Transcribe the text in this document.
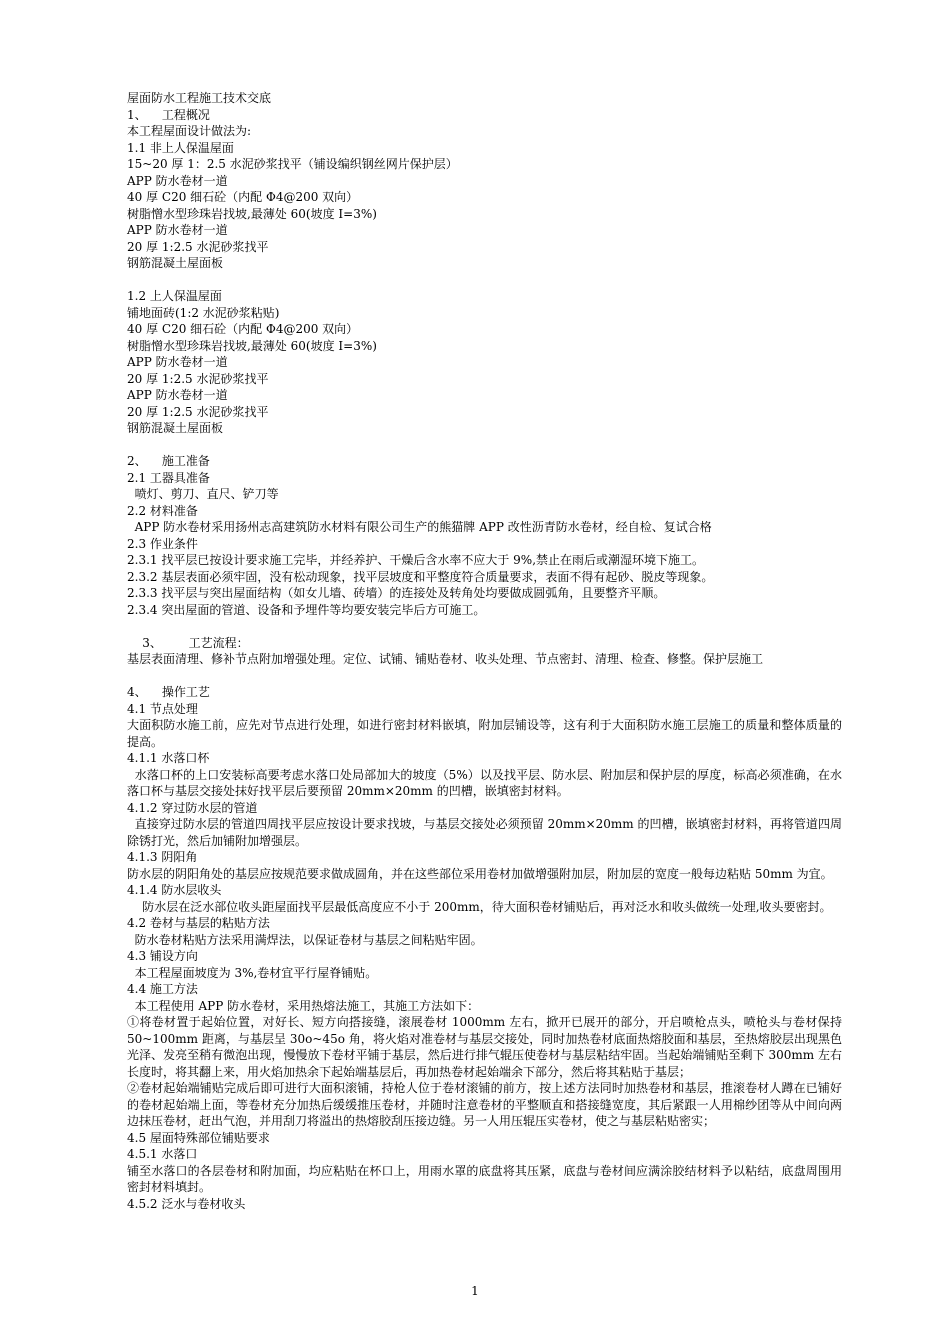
屋面防水工程施工技术交底
1、    工程概况
本工程屋面设计做法为:
1.1 非上人保温屋面
15~20 厚 1：2.5 水泥砂浆找平（铺设编织钢丝网片保护层）
APP 防水卷材一道
40 厚 C20 细石砼（内配 Φ4@200 双向）
树脂憎水型珍珠岩找坡,最薄处 60(坡度 I=3%)
APP 防水卷材一道
20 厚 1:2.5 水泥砂浆找平
钢筋混凝土屋面板
1.2 上人保温屋面
铺地面砖(1:2 水泥砂浆粘贴)
40 厚 C20 细石砼（内配 Φ4@200 双向）
树脂憎水型珍珠岩找坡,最薄处 60(坡度 I=3%)
APP 防水卷材一道
20 厚 1:2.5 水泥砂浆找平
APP 防水卷材一道
20 厚 1:2.5 水泥砂浆找平
钢筋混凝土屋面板
2、    施工准备
2.1 工器具准备
喷灯、剪刀、直尺、铲刀等
2.2 材料准备
APP 防水卷材采用扬州志高建筑防水材料有限公司生产的熊猫牌 APP 改性沥青防水卷材，经自检、复试合格
2.3 作业条件
2.3.1 找平层已按设计要求施工完毕，并经养护、干燥后含水率不应大于 9%,禁止在雨后或潮湿环境下施工。
2.3.2 基层表面必须牢固，没有松动现象，找平层坡度和平整度符合质量要求，表面不得有起砂、脱皮等现象。
2.3.3 找平层与突出屋面结构（如女儿墙、砖墙）的连接处及转角处均要做成圆弧角，且要整齐平顺。
2.3.4 突出屋面的管道、设备和予埋件等均要安装完毕后方可施工。
3、       工艺流程：
基层表面清理、修补节点附加增强处理。定位、试铺、铺贴卷材、收头处理、节点密封、清理、检查、修整。保护层施工
4、    操作工艺
4.1 节点处理
大面积防水施工前，应先对节点进行处理，如进行密封材料嵌填，附加层铺设等，这有利于大面积防水施工层施工的质量和整体质量的提高。
4.1.1 水落口杯
水落口杯的上口安装标高要考虑水落口处局部加大的坡度（5%）以及找平层、防水层、附加层和保护层的厚度，标高必须准确，在水落口杯与基层交接处抹好找平层后要预留 20mm×20mm 的凹槽，嵌填密封材料。
4.1.2 穿过防水层的管道
直接穿过防水层的管道四周找平层应按设计要求找坡，与基层交接处必须预留 20mm×20mm 的凹槽，嵌填密封材料，再将管道四周除锈打光，然后加铺附加增强层。
4.1.3 阴阳角
防水层的阴阳角处的基层应按规范要求做成圆角，并在这些部位采用卷材加做增强附加层，附加层的宽度一般每边粘贴 50mm 为宜。
4.1.4 防水层收头
防水层在泛水部位收头距屋面找平层最低高度应不小于 200mm，待大面积卷材铺贴后，再对泛水和收头做统一处理,收头要密封。
4.2 卷材与基层的粘贴方法
防水卷材粘贴方法采用满焊法，以保证卷材与基层之间粘贴牢固。
4.3 铺设方向
本工程屋面坡度为 3%,卷材宜平行屋脊铺贴。
4.4 施工方法
本工程使用 APP 防水卷材，采用热熔法施工，其施工方法如下：
①将卷材置于起始位置，对好长、短方向搭接缝，滚展卷材 1000mm 左右，掀开已展开的部分，开启喷枪点头，喷枪头与卷材保持 50~100mm 距离，与基层呈 30o~45o 角，将火焰对准卷材与基层交接处，同时加热卷材底面热熔胶面和基层，至热熔胶层出现黑色光泽、发亮至稍有微泡出现，慢慢放下卷材平铺于基层，然后进行排气辊压使卷材与基层粘结牢固。当起始端铺贴至剩下 300mm 左右长度时，将其翻上来，用火焰加热余下起始端基层后，再加热卷材起始端余下部分，然后将其粘贴于基层；
②卷材起始端铺贴完成后即可进行大面积滚铺，持枪人位于卷材滚铺的前方，按上述方法同时加热卷材和基层，推滚卷材人蹲在已铺好的卷材起始端上面，等卷材充分加热后缓缓推压卷材，并随时注意卷材的平整顺直和搭接缝宽度，其后紧跟一人用棉纱团等从中间向两边抹压卷材，赶出气泡，并用刮刀将溢出的热熔胶刮压接边缝。另一人用压辊压实卷材，使之与基层粘贴密实；
4.5 屋面特殊部位铺贴要求
4.5.1 水落口
铺至水落口的各层卷材和附加面，均应粘贴在杯口上，用雨水罩的底盘将其压紧，底盘与卷材间应满涂胶结材料予以粘结，底盘周围用密封材料填封。
4.5.2 泛水与卷材收头
1
